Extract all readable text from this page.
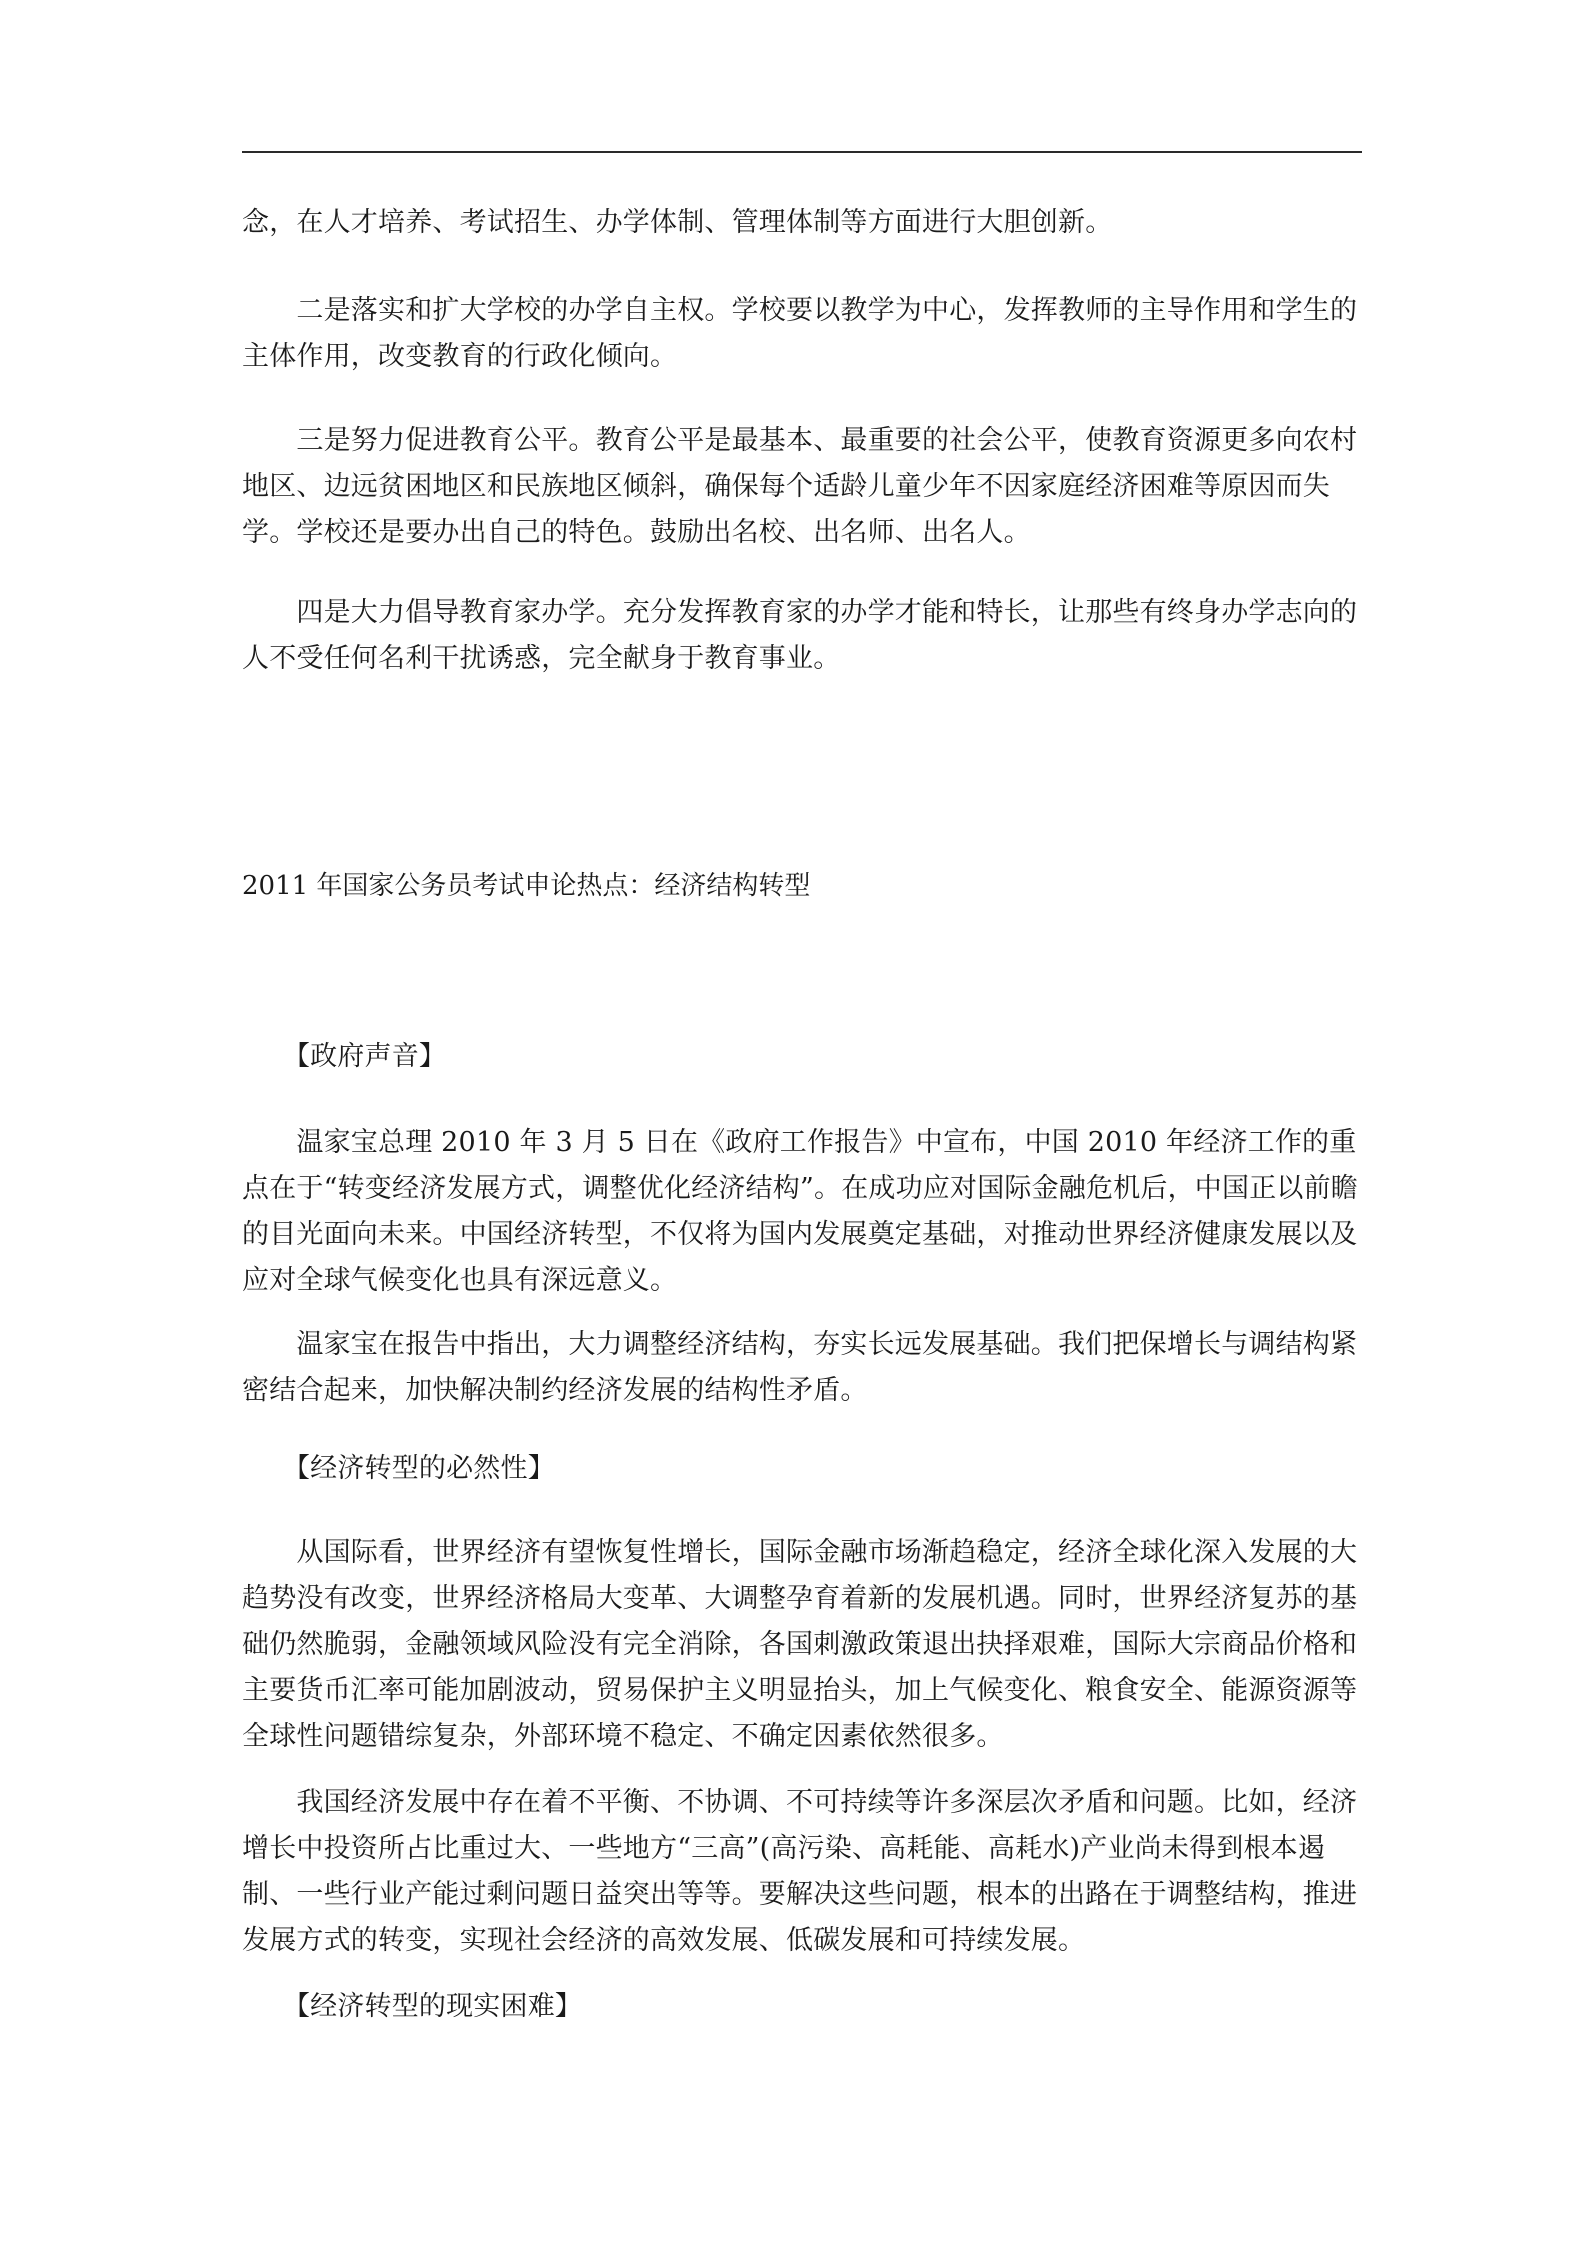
念，在人才培养、考试招生、办学体制、管理体制等方面进行大胆创新。

　　二是落实和扩大学校的办学自主权。学校要以教学为中心，发挥教师的主导作用和学生的主体作用，改变教育的行政化倾向。

　　三是努力促进教育公平。教育公平是最基本、最重要的社会公平，使教育资源更多向农村地区、边远贫困地区和民族地区倾斜，确保每个适龄儿童少年不因家庭经济困难等原因而失学。学校还是要办出自己的特色。鼓励出名校、出名师、出名人。

　　四是大力倡导教育家办学。充分发挥教育家的办学才能和特长，让那些有终身办学志向的人不受任何名利干扰诱惑，完全献身于教育事业。

2011 年国家公务员考试申论热点：经济结构转型

　　【政府声音】

　　温家宝总理 2010 年 3 月 5 日在《政府工作报告》中宣布，中国 2010 年经济工作的重点在于“转变经济发展方式，调整优化经济结构”。在成功应对国际金融危机后，中国正以前瞻的目光面向未来。中国经济转型，不仅将为国内发展奠定基础，对推动世界经济健康发展以及应对全球气候变化也具有深远意义。

　　温家宝在报告中指出，大力调整经济结构，夯实长远发展基础。我们把保增长与调结构紧密结合起来，加快解决制约经济发展的结构性矛盾。

　　【经济转型的必然性】

　　从国际看，世界经济有望恢复性增长，国际金融市场渐趋稳定，经济全球化深入发展的大趋势没有改变，世界经济格局大变革、大调整孕育着新的发展机遇。同时，世界经济复苏的基础仍然脆弱，金融领域风险没有完全消除，各国刺激政策退出抉择艰难，国际大宗商品价格和主要货币汇率可能加剧波动，贸易保护主义明显抬头，加上气候变化、粮食安全、能源资源等全球性问题错综复杂，外部环境不稳定、不确定因素依然很多。

　　我国经济发展中存在着不平衡、不协调、不可持续等许多深层次矛盾和问题。比如，经济增长中投资所占比重过大、一些地方“三高”(高污染、高耗能、高耗水)产业尚未得到根本遏制、一些行业产能过剩问题日益突出等等。要解决这些问题，根本的出路在于调整结构，推进发展方式的转变，实现社会经济的高效发展、低碳发展和可持续发展。

　　【经济转型的现实困难】
